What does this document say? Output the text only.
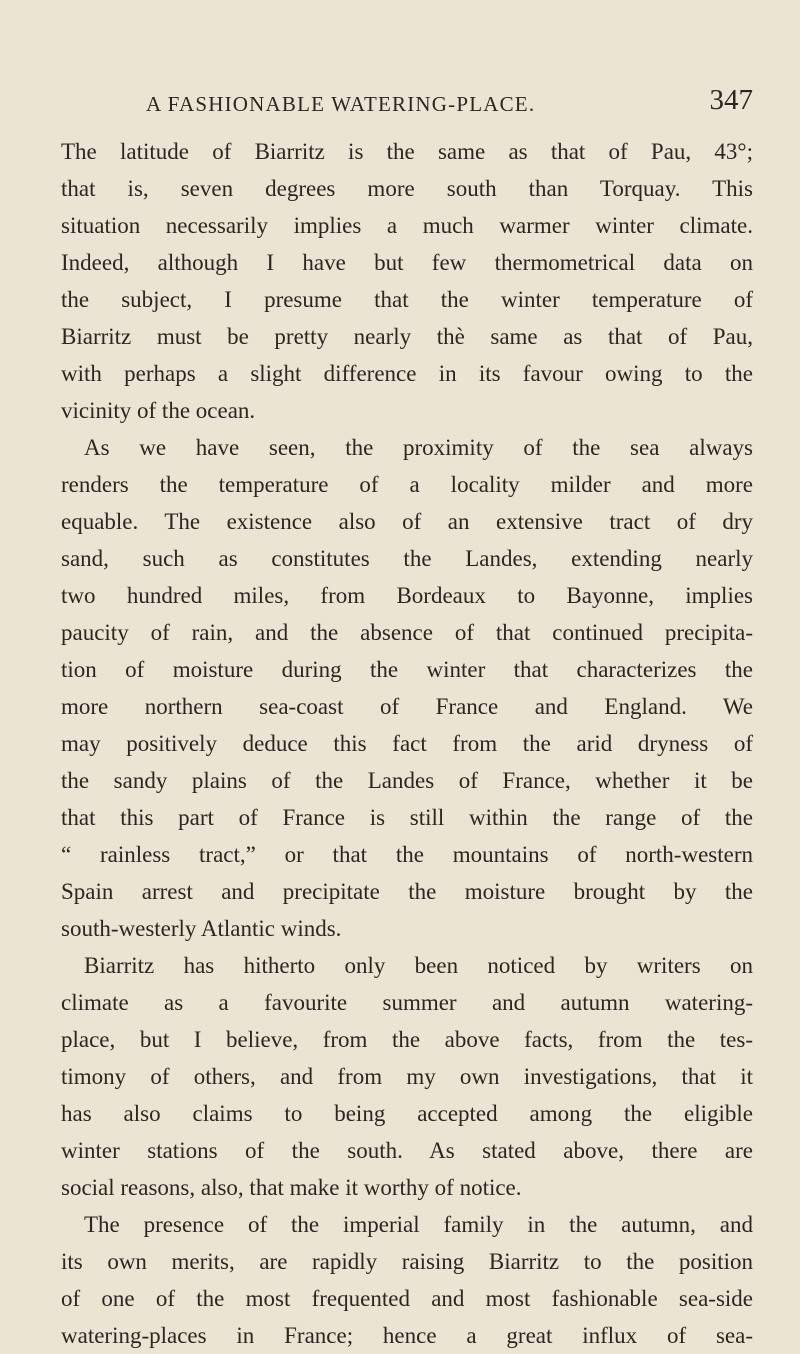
A FASHIONABLE WATERING-PLACE.	347
The latitude of Biarritz is the same as that of Pau, 43°;
that is, seven degrees more south than Torquay. This
situation necessarily implies a much warmer winter climate.
Indeed, although I have but few thermometrical data on
the subject, I presume that the winter temperature of
Biarritz must be pretty nearly thè same as that of Pau,
with perhaps a slight difference in its favour owing to the
vicinity of the ocean.
As we have seen, the proximity of the sea always
renders the temperature of a locality milder and more
equable. The existence also of an extensive tract of dry
sand, such as constitutes the Landes, extending nearly
two hundred miles, from Bordeaux to Bayonne, implies
paucity of rain, and the absence of that continued precipita-
tion of moisture during the winter that characterizes the
more northern sea-coast of France and England. We
may positively deduce this fact from the arid dryness of
the sandy plains of the Landes of France, whether it be
that this part of France is still within the range of the
“ rainless tract,” or that the mountains of north-western
Spain arrest and precipitate the moisture brought by the
south-westerly Atlantic winds.
Biarritz has hitherto only been noticed by writers on
climate as a favourite summer and autumn watering-
place, but I believe, from the above facts, from the tes-
timony of others, and from my own investigations, that it
has also claims to being accepted among the eligible
winter stations of the south. As stated above, there are
social reasons, also, that make it worthy of notice.
The presence of the imperial family in the autumn, and
its own merits, are rapidly raising Biarritz to the position
of one of the most frequented and most fashionable sea-side
watering-places in France; hence a great influx of sea-
